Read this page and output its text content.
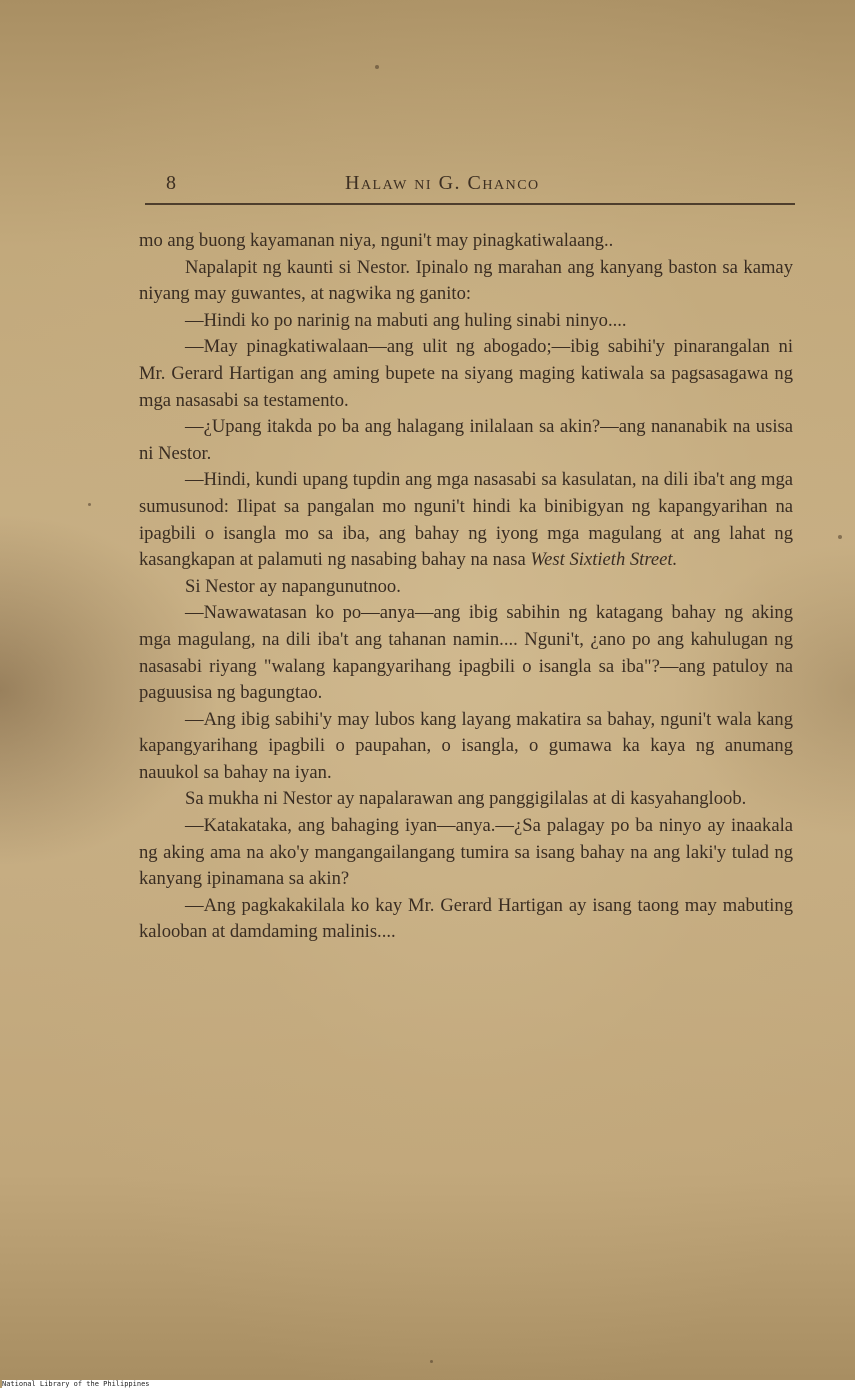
8	Halaw ni G. Chanco

mo ang buong kayamanan niya, nguni't may pinagkatiwalaang..

Napalapit ng kaunti si Nestor. Ipinalo ng marahan ang kanyang baston sa kamay niyang may guwantes, at nagwika ng ganito:

—Hindi ko po narinig na mabuti ang huling sinabi ninyo....

—May pinagkatiwalaan—ang ulit ng abogado;—ibig sabihi'y pinarangalan ni Mr. Gerard Hartigan ang aming bupete na siyang maging katiwala sa pagsasagawa ng mga nasasabi sa testamento.

—¿Upang itakda po ba ang halagang inilalaan sa akin?—ang nananabik na usisa ni Nestor.

—Hindi, kundi upang tupdin ang mga nasasabi sa kasulatan, na dili iba't ang mga sumusunod: Ilipat sa pangalan mo nguni't hindi ka binibigyan ng kapangyarihan na ipagbili o isangla mo sa iba, ang bahay ng iyong mga magulang at ang lahat ng kasangkapan at palamuti ng nasabing bahay na nasa West Sixtieth Street.

Si Nestor ay napangunutnoo.

—Nawawatasan ko po—anya—ang ibig sabihin ng katagang bahay ng aking mga magulang, na dili iba't ang tahanan namin.... Nguni't, ¿ano po ang kahulugan ng nasasabi riyang "walang kapangyarihang ipagbili o isangla sa iba"?—ang patuloy na paguusisa ng bagungtao.

—Ang ibig sabihi'y may lubos kang layang makatira sa bahay, nguni't wala kang kapangyarihang ipagbili o paupahan, o isangla, o gumawa ka kaya ng anumang nauukol sa bahay na iyan.

Sa mukha ni Nestor ay napalarawan ang panggigilalas at di kasyahangloob.

—Katakataka, ang bahaging iyan—anya.—¿Sa palagay po ba ninyo ay inaakala ng aking ama na ako'y mangangailangang tumira sa isang bahay na ang laki'y tulad ng kanyang ipinamana sa akin?

—Ang pagkakakilala ko kay Mr. Gerard Hartigan ay isang taong may mabuting kalooban at damdaming malinis....

National Library of the Philippines
